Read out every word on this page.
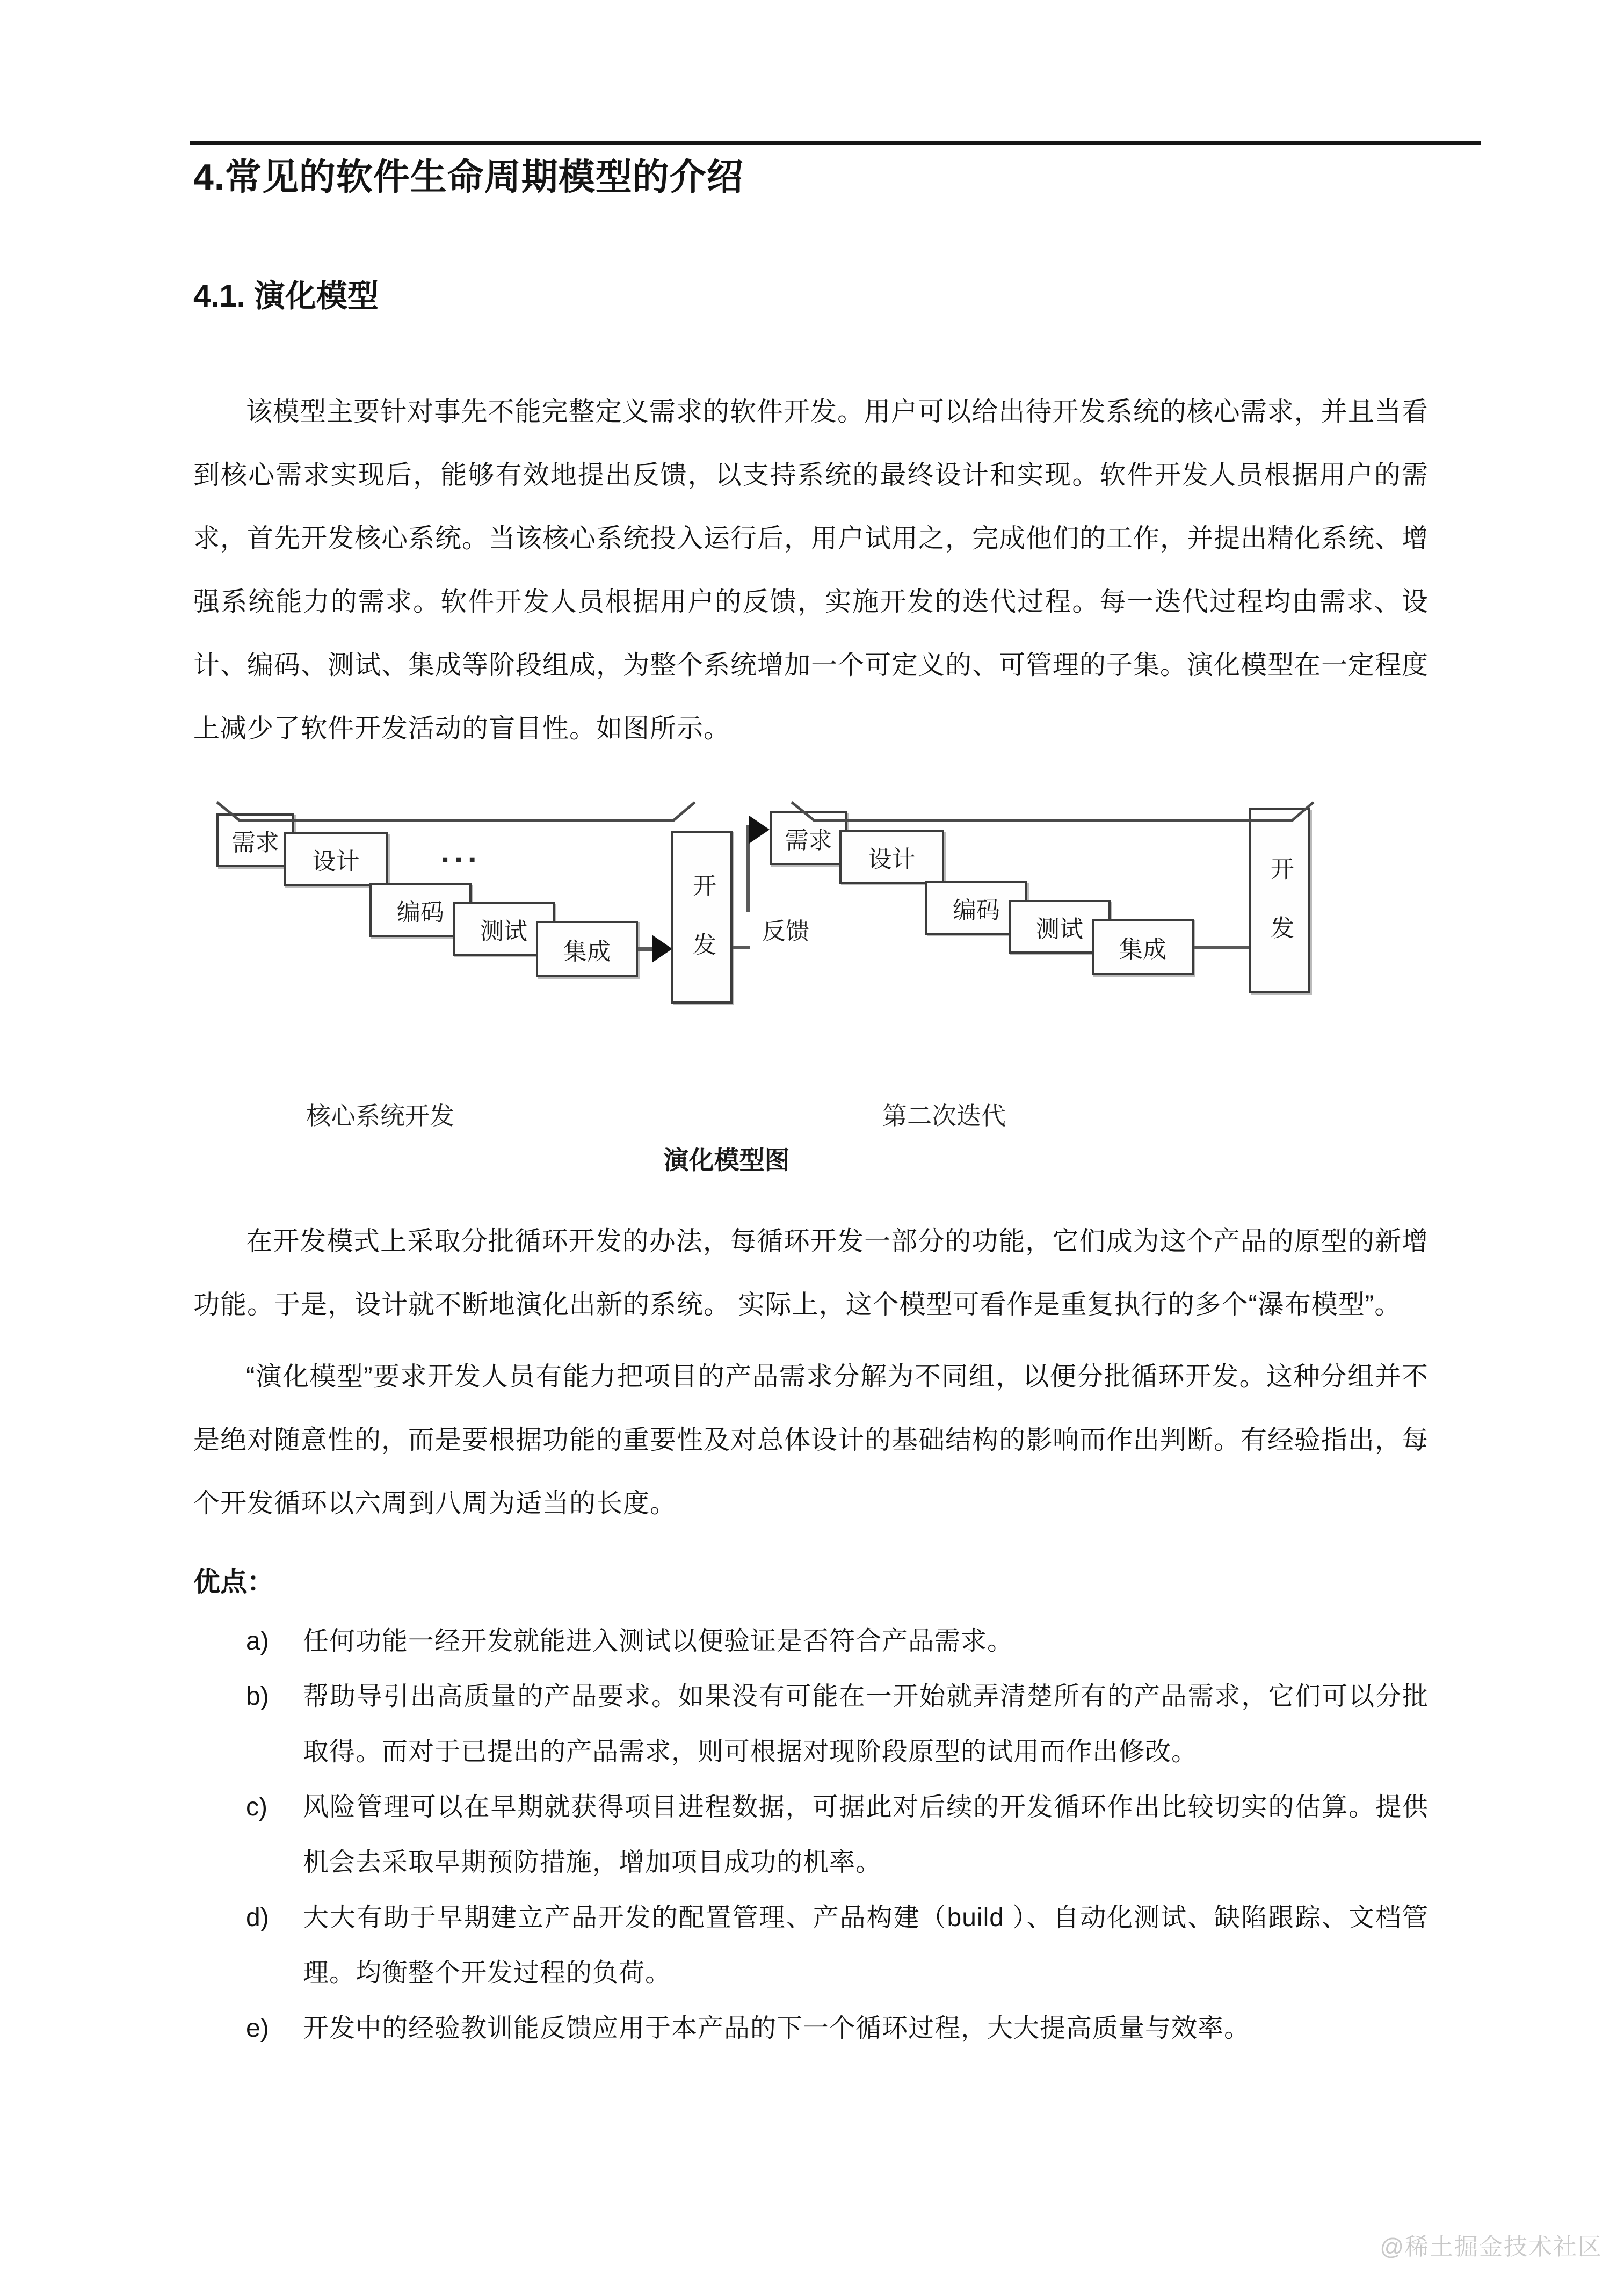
4.常见的软件生命周期模型的介绍
4.1. 演化模型

该模型主要针对事先不能完整定义需求的软件开发。用户可以给出待开发系统的核心需求，并且当看到核心需求实现后，能够有效地提出反馈，以支持系统的最终设计和实现。软件开发人员根据用户的需求，首先开发核心系统。当该核心系统投入运行后，用户试用之，完成他们的工作，并提出精化系统、增强系统能力的需求。软件开发人员根据用户的反馈，实施开发的迭代过程。每一迭代过程均由需求、设计、编码、测试、集成等阶段组成，为整个系统增加一个可定义的、可管理的子集。演化模型在一定程度上减少了软件开发活动的盲目性。如图所示。

需求
设计	...
编码
测试
集成	开发	反馈
需求
设计
编码
测试
集成	开发
核心系统开发	第二次迭代
演化模型图

在开发模式上采取分批循环开发的办法，每循环开发一部分的功能，它们成为这个产品的原型的新增功能。于是，设计就不断地演化出新的系统。 实际上，这个模型可看作是重复执行的多个“瀑布模型”。

“演化模型”要求开发人员有能力把项目的产品需求分解为不同组，以便分批循环开发。这种分组并不是绝对随意性的，而是要根据功能的重要性及对总体设计的基础结构的影响而作出判断。有经验指出，每个开发循环以六周到八周为适当的长度。

优点：
a)	任何功能一经开发就能进入测试以便验证是否符合产品需求。
b)	帮助导引出高质量的产品要求。如果没有可能在一开始就弄清楚所有的产品需求，它们可以分批取得。而对于已提出的产品需求，则可根据对现阶段原型的试用而作出修改。
c)	风险管理可以在早期就获得项目进程数据，可据此对后续的开发循环作出比较切实的估算。提供机会去采取早期预防措施，增加项目成功的机率。
d)	大大有助于早期建立产品开发的配置管理、产品构建（build ）、自动化测试、缺陷跟踪、文档管理。均衡整个开发过程的负荷。
e)	开发中的经验教训能反馈应用于本产品的下一个循环过程，大大提高质量与效率。
@稀土掘金技术社区
